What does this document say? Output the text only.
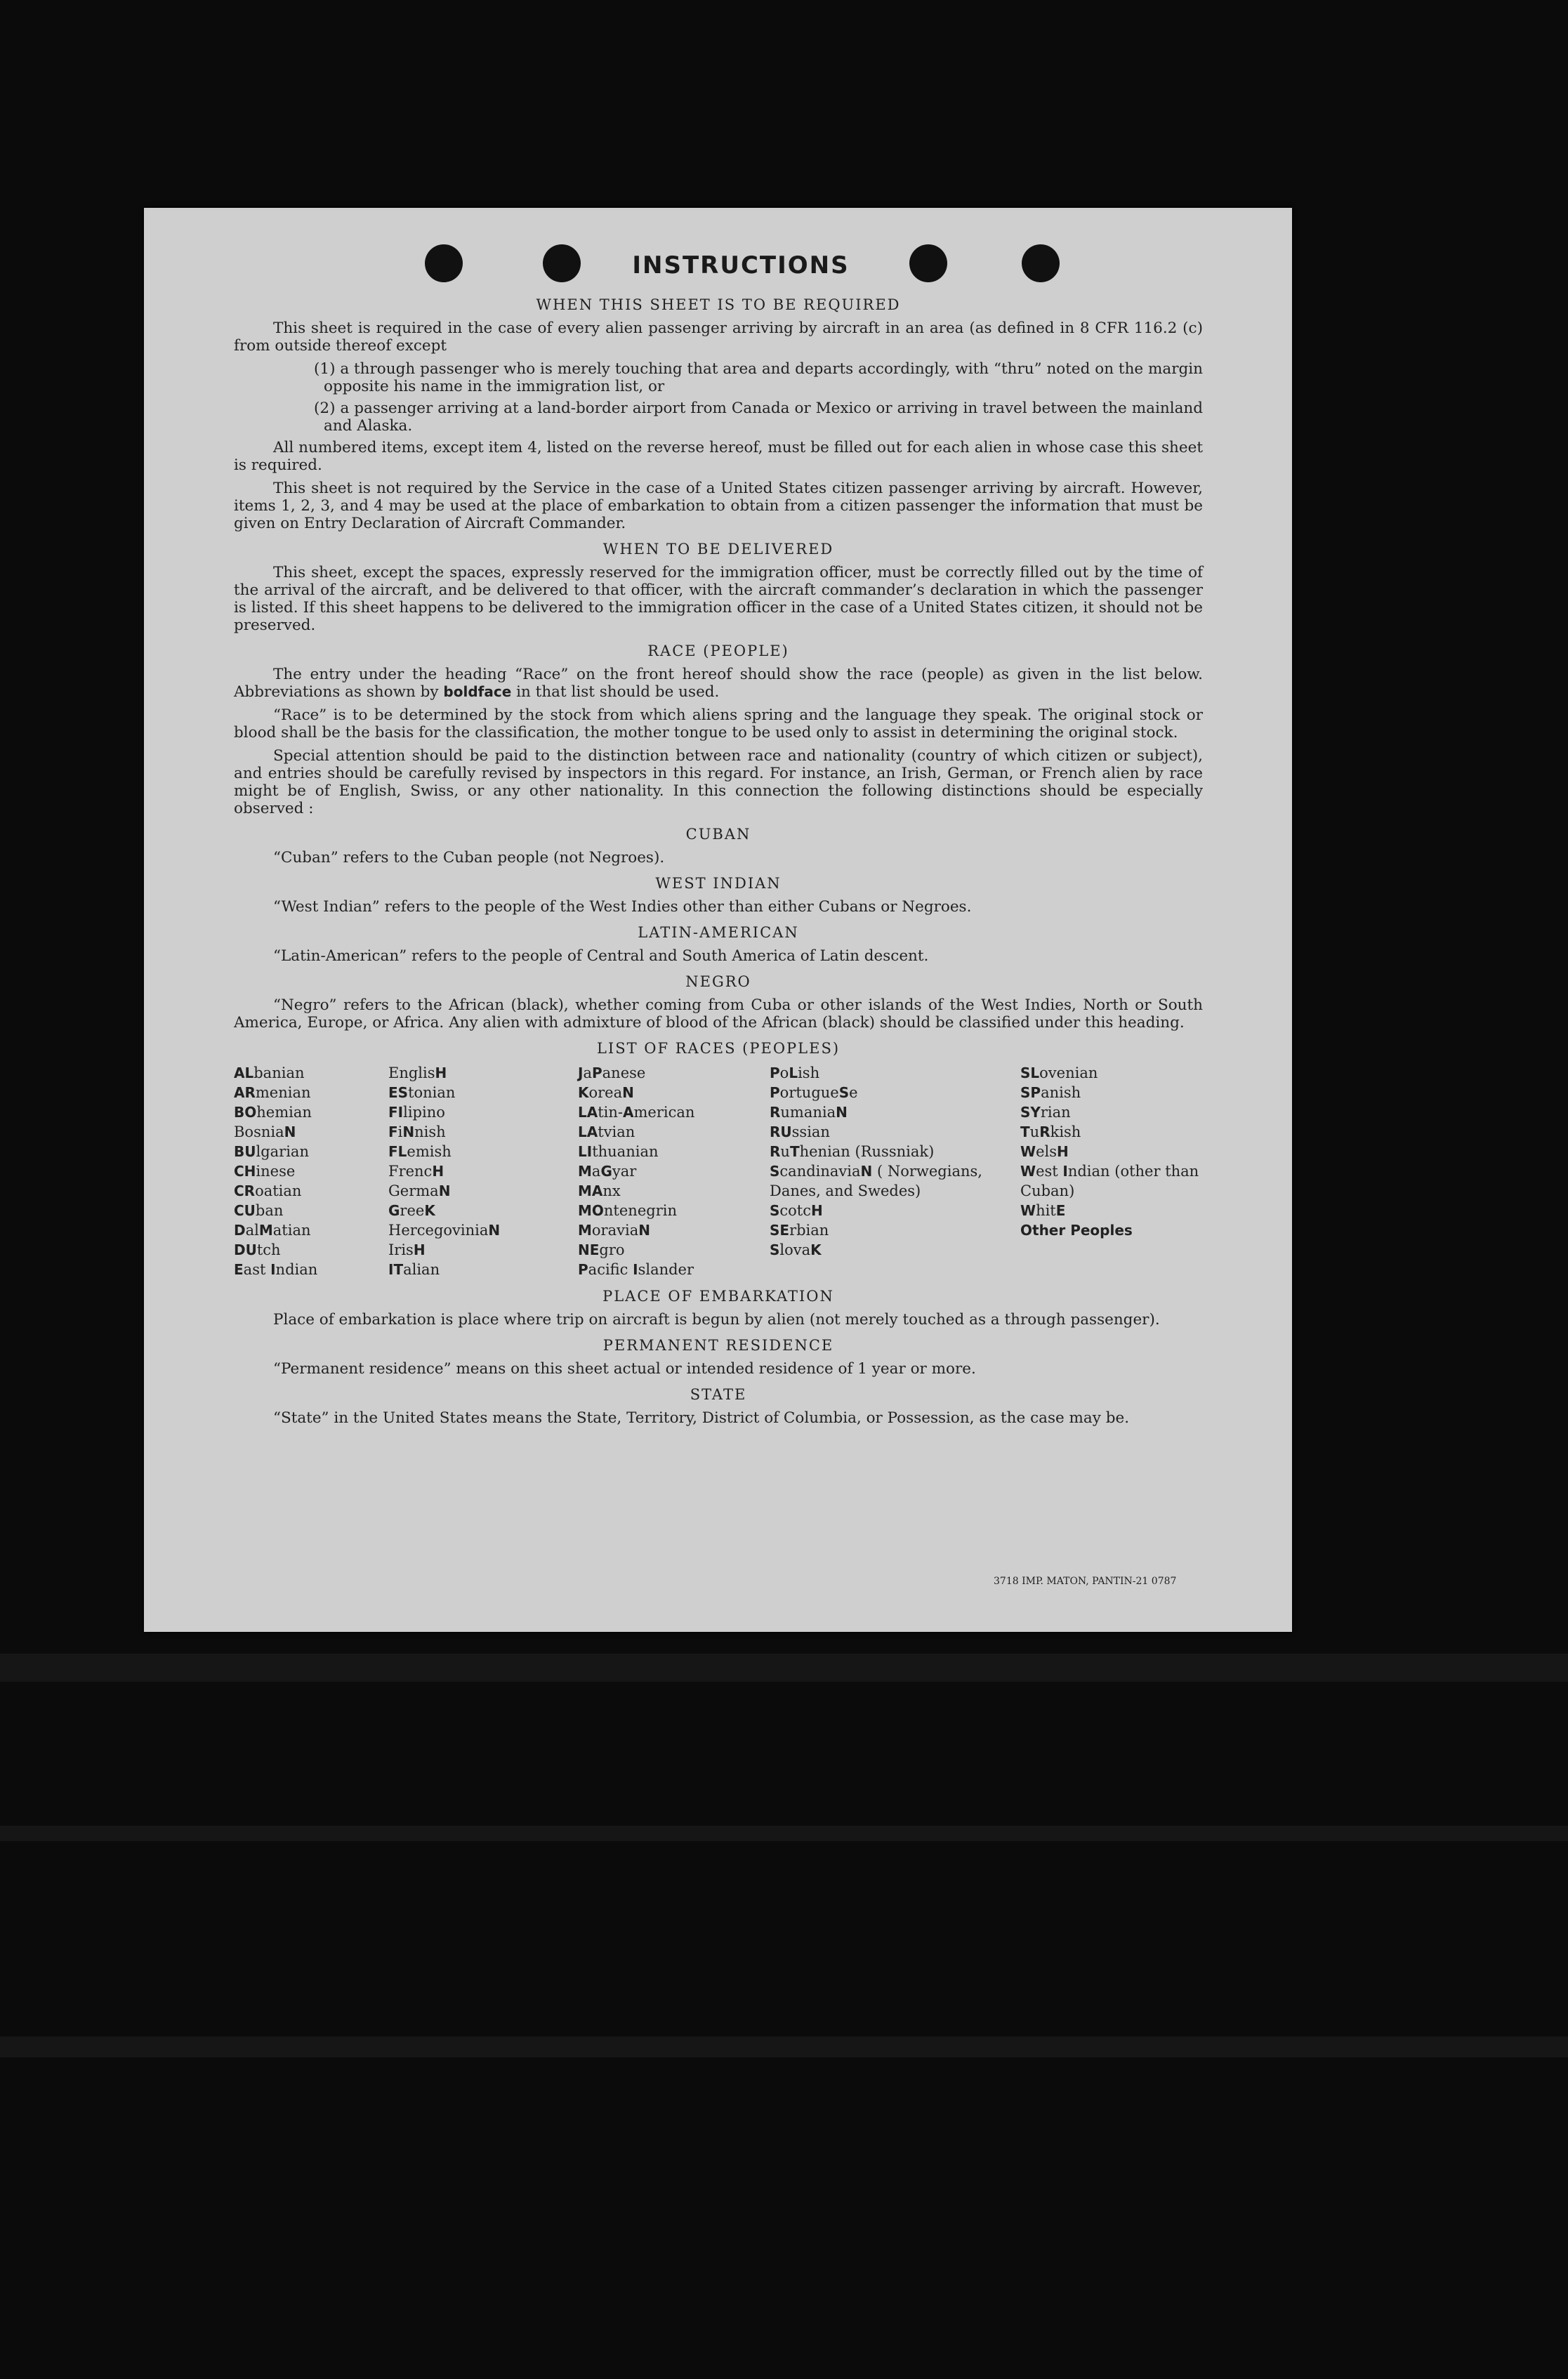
INSTRUCTIONS
WHEN THIS SHEET IS TO BE REQUIRED
This sheet is required in the case of every alien passenger arriving by aircraft in an area (as defined in 8 CFR 116.2 (c) from outside thereof except
(1) a through passenger who is merely touching that area and departs accordingly, with “thru” noted on the margin opposite his name in the immigration list, or
(2) a passenger arriving at a land-border airport from Canada or Mexico or arriving in travel between the mainland and Alaska.
All numbered items, except item 4, listed on the reverse hereof, must be filled out for each alien in whose case this sheet is required.
This sheet is not required by the Service in the case of a United States citizen passenger arriving by aircraft. However, items 1, 2, 3, and 4 may be used at the place of embarkation to obtain from a citizen passenger the information that must be given on Entry Declaration of Aircraft Commander.
WHEN TO BE DELIVERED
This sheet, except the spaces, expressly reserved for the immigration officer, must be correctly filled out by the time of the arrival of the aircraft, and be delivered to that officer, with the aircraft commander’s declaration in which the passenger is listed. If this sheet happens to be delivered to the immigration officer in the case of a United States citizen, it should not be preserved.
RACE (PEOPLE)
The entry under the heading “Race” on the front hereof should show the race (people) as given in the list below. Abbreviations as shown by boldface in that list should be used.
“Race” is to be determined by the stock from which aliens spring and the language they speak. The original stock or blood shall be the basis for the classification, the mother tongue to be used only to assist in determining the original stock.
Special attention should be paid to the distinction between race and nationality (country of which citizen or subject), and entries should be carefully revised by inspectors in this regard. For instance, an Irish, German, or French alien by race might be of English, Swiss, or any other nationality. In this connection the following distinctions should be especially observed :
CUBAN
“Cuban” refers to the Cuban people (not Negroes).
WEST INDIAN
“West Indian” refers to the people of the West Indies other than either Cubans or Negroes.
LATIN-AMERICAN
“Latin-American” refers to the people of Central and South America of Latin descent.
NEGRO
“Negro” refers to the African (black), whether coming from Cuba or other islands of the West Indies, North or South America, Europe, or Africa. Any alien with admixture of blood of the African (black) should be classified under this heading.
LIST OF RACES (PEOPLES)
ALbanian
ARmenian
BOhemian
BosniaN
BUlgarian
CHinese
CRoatian
CUban
DalMatian
DUtch
East Indian
EnglisH
EStonian
FIlipino
FiNnish
FLemish
FrencH
GermaN
GreeK
HercegoviniaN
IrisH
ITalian
JaPanese
KoreaN
LAtin-American
LAtvian
LIthuanian
MaGyar
MAnx
MOntenegrin
MoraviaN
NEgro
Pacific Islander
PoLish
PortugueSe
RumaniaN
RUssian
RuThenian (Russniak)
ScandinaviaN ( Norwegians, Danes, and Swedes)
ScotcH
SErbian
SlovaK
SLovenian
SPanish
SYrian
TuRkish
WelsH
West Indian (other than Cuban)
WhitE
Other Peoples
PLACE OF EMBARKATION
Place of embarkation is place where trip on aircraft is begun by alien (not merely touched as a through passenger).
PERMANENT RESIDENCE
“Permanent residence” means on this sheet actual or intended residence of 1 year or more.
STATE
“State” in the United States means the State, Territory, District of Columbia, or Possession, as the case may be.
3718 IMP. MATON, PANTIN-21 0787
